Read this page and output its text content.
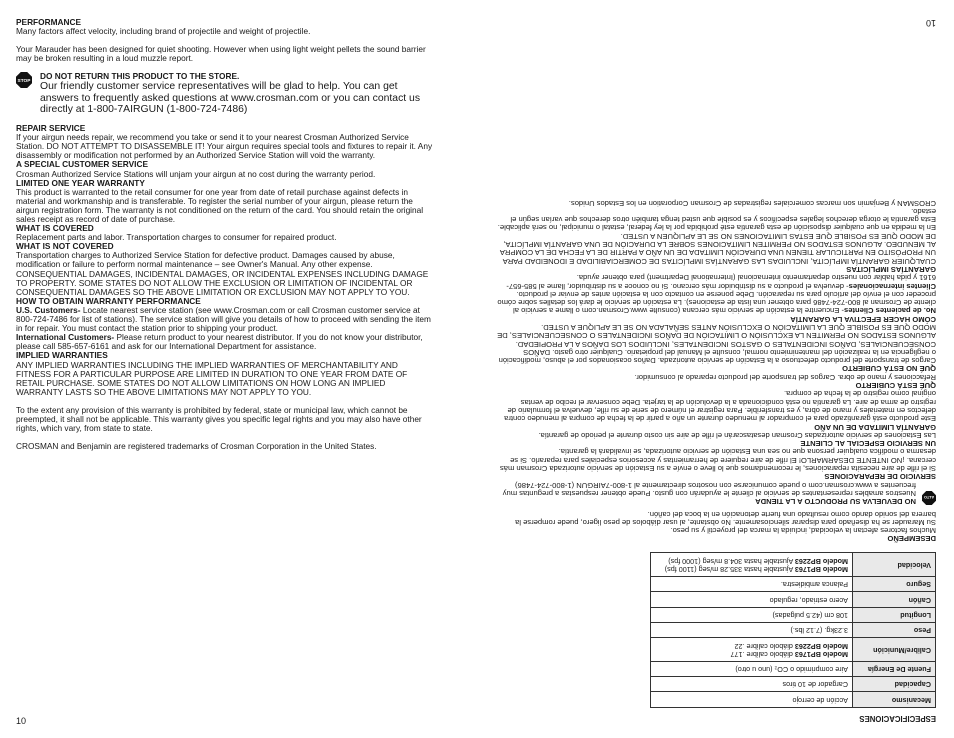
PERFORMANCE

Many factors affect velocity, including brand of projectile and weight of projectile.

Your Marauder has been designed for quiet shooting. However when using light weight pellets the sound barrier may be broken resulting in a loud muzzle report.

STOP
DO NOT RETURN THIS PRODUCT TO THE STORE.

Our friendly customer service representatives will be glad to help. You can get answers to frequently asked questions at www.crosman.com or you can contact us directly at 1-800-7AIRGUN (1-800-724-7486)

REPAIR SERVICE

If your airgun needs repair, we recommend you take or send it to your nearest Crosman Authorized Service Station. DO NOT ATTEMPT TO DISASSEMBLE IT! Your airgun requires special tools and fixtures to repair it. Any disassembly or modification not performed by an Authorized Service Station will void the warranty.

A SPECIAL CUSTOMER SERVICE

Crosman Authorized Service Stations will unjam your airgun at no cost during the warranty period.

LIMITED ONE YEAR WARRANTY

This product is warranted to the retail consumer for one year from date of retail purchase against defects in material and workmanship and is transferable. To register the serial number of your airgun, please return the airgun registration form. The warranty is not conditioned on the return of the card. You should retain the original sales receipt as record of date of purchase.

WHAT IS COVERED

Replacement parts and labor. Transportation charges to consumer for repaired product.

WHAT IS NOT COVERED

Transportation charges to Authorized Service Station for defective product. Damages caused by abuse, modification or failure to perform normal maintenance – see Owner's Manual. Any other expense. CONSEQUENTIAL DAMAGES, INCIDENTAL DAMAGES, OR INCIDENTAL EXPENSES INCLUDING DAMAGE TO PROPERTY. SOME STATES DO NOT ALLOW THE EXCLUSION OR LIMITATION OF INCIDENTAL OR CONSEQUENTIAL DAMAGES SO THE ABOVE LIMITATION OR EXCLUSION MAY NOT APPLY TO YOU.

HOW TO OBTAIN WARRANTY PERFORMANCE

U.S. Customers- Locate nearest service station (see www.Crosman.com or call Crosman customer service at 800-724-7486 for list of stations). The service station will give you details of how to proceed with sending the item in for repair. You must contact the station prior to shipping your product.

International Customers- Please return product to your nearest distributor. If you do not know your distributor, please call 585-657-6161 and ask for our International Department for assistance.

IMPLIED WARRANTIES

ANY IMPLIED WARRANTIES INCLUDING THE IMPLIED WARRANTIES OF MERCHANTABILITY AND FITNESS FOR A PARTICULAR PURPOSE ARE LIMITED IN DURATION TO ONE YEAR FROM DATE OF RETAIL PURCHASE. SOME STATES DO NOT ALLOW LIMITATIONS ON HOW LONG AN IMPLIED WARRANTY LASTS SO THE ABOVE LIMITATIONS MAY NOT APPLY TO YOU.

To the extent any provision of this warranty is prohibited by federal, state or municipal law, which cannot be preempted, it shall not be applicable. This warranty gives you specific legal rights and you may also have other rights, which vary, from state to state.

CROSMAN and Benjamin are registered trademarks of Crosman Corporation in the United States.

10
10
ESPECIFICACIONES
Mecanismo	Acción de cerrojo
Capacidad	Cargador de 10 tiros
Fuente De Energía	Aire comprimido o CO₂ (uno u otro)
Calibre/Munición	Modelo BP1763 diábolo calibre .177
Modelo BP2263 diábolo calibre .22

Peso	3.23kg. (7.12 lbs.)
Longitud	108 cm (42.5 pulgadas)
Cañón	Acero estriado, regulado
Seguro	Palanca ambidiestra.
Velocidad	Modelo BP1763 Ajustable hasta 335.28 m/seg (1100 fps)
Modelo BP2263 Ajustable hasta 304.8 m/seg (1000 fps)
DESEMPEÑO

Muchos factores afectan la velocidad, incluida la marca del proyectil y su peso.

Su Marauder se ha diseñado para disparar silenciosamente. No obstante, al usar diábolos de peso ligero, puede romperse la barrera del sonido dando como resultado una fuerte detonación en la boca del cañón.

ALTO
NO DEVUELVA SU PRODUCTO A LA TIENDA

Nuestros amables representantes de servicio al cliente le ayudarán con gusto. Puede obtener respuestas a preguntas muy frecuentes a www.crosman.com o puede comunicarse con nosotros directamente al 1-800-7AIRGUN (1-800-724-7486)

SERVICIO DE REPARACIONES

Si el rifle de aire necesita reparaciones, le recomendamos que lo lleve o envíe a su Estación de servicio autorizada Crosman más cercana. ¡NO INTENTE DESARMARLO! El rifle de aire requiere de herramientas y accesorios especiales para repararlo. Si se desarma o modifica cualquier persona que no sea una Estación de servicio autorizada, se invalidará la garantía.

UN SERVICIO ESPECIAL AL CLIENTE

Las Estaciones de servicio autorizadas Crosman desatascarán el rifle de aire sin costo durante el periodo de garantía.

GARANTÍA LIMITADA DE UN AÑO

Este producto está garantizado para el comprador al menudeo durante un año a partir de la fecha de compra al menudeo contra defectos en materiales y mano de obra, y es transferible. Para registrar el número de serie de su rifle, devuelva el formulario de registro de arma de aire. La garantía no está condicionada a la devolución de la tarjeta. Debe conservar el recibo de ventas original como registro de la fecha de compra.

QUÉ ESTÁ CUBIERTO

Refacciones y mano de obra. Cargos del transporte del producto reparado al consumidor.

QUÉ NO ESTÁ CUBIERTO

Cargos de transporte del producto defectuoso a la Estación de servicio autorizada. Daños ocasionados por el abuso, modificación o negligencia en la realización del mantenimiento normal, consulte el Manual del propietario. Cualquier otro gasto. DAÑOS CONSECUENCIALES, DAÑOS INCIDENTALES O GASTOS INCIDENTALES, INCLUIDOS LOS DAÑOS A LA PROPIEDAD. ALGUNOS ESTADOS NO PERMITEN LA EXCLUSIÓN O LIMITACIÓN DE DAÑOS INCIDENTALES O CONSECUENCIALES, DE MODO QUE ES POSIBLE QUE LA LIMITACIÓN O EXCLUSIÓN ANTES SEÑALADA NO SE LE APLIQUE A USTED.

CÓMO HACER EFECTIVA LA GARANTÍA

No. de pacientes Clientes- Encuentre la estación de servicio más cercana (consulte www.Crosman.com o llame a servicio al cliente de Crosman al 800-724-7486 para obtener una lista de estaciones). La estación de servicio le dará los detalles sobre cómo proceder con el envío del artículo para su reparación. Debe ponerse en contacto con la estación antes de enviar el producto.

Clientes internacionales- devuelva el producto a su distribuidor más cercano. Si no conoce a su distribuidor, llame al 585-657-6161 y pida hablar con nuestro departamento internacional (International Department) para obtener ayuda.

GARANTÍAS IMPLÍCITAS

CUALQUIER GARANTÍA IMPLÍCITA, INCLUIDAS LAS GARANTÍAS IMPLÍCITAS DE COMERCIABILIDAD E IDONEIDAD PARA UN PROPÓSITO EN PARTICULAR TIENEN UNA DURACIÓN LIMITADA DE UN AÑO A PARTIR DE LA FECHA DE LA COMPRA AL MENUDEO. ALGUNOS ESTADOS NO PERMITEN LIMITACIONES SOBRE LA DURACIÓN DE UNA GARANTÍA IMPLÍCITA, DE MODO QUE ES POSIBLE QUE ESTAS LIMITACIONES NO SE LE APLIQUEN A USTED.

En la medida en que cualquier disposición de esta garantía esté prohibida por la ley federal, estatal o municipal, no será aplicable. Esta garantía le otorga derechos legales específicos y es posible que usted tenga también otros derechos que varían según el estado.

CROSMAN y Benjamin son marcas comerciales registradas de Crosman Corporation en los Estados Unidos.
